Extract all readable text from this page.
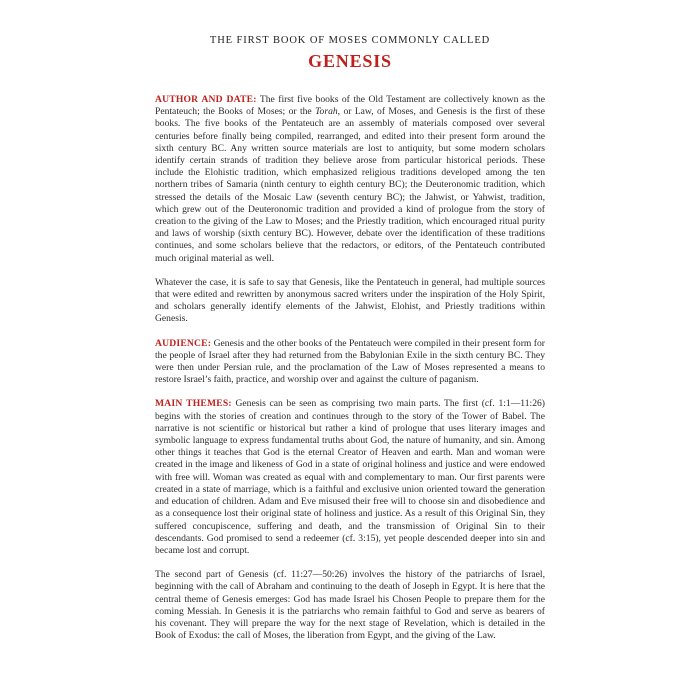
THE FIRST BOOK OF MOSES COMMONLY CALLED

GENESIS

AUTHOR AND DATE: The first five books of the Old Testament are collectively known as the Pentateuch; the Books of Moses; or the Torah, or Law, of Moses, and Genesis is the first of these books. The five books of the Pentateuch are an assembly of materials composed over several centuries before finally being compiled, rearranged, and edited into their present form around the sixth century BC. Any written source materials are lost to antiquity, but some modern scholars identify certain strands of tradition they believe arose from particular historical periods. These include the Elohistic tradition, which emphasized religious traditions developed among the ten northern tribes of Samaria (ninth century to eighth century BC); the Deuteronomic tradition, which stressed the details of the Mosaic Law (seventh century BC); the Jahwist, or Yahwist, tradition, which grew out of the Deuteronomic tradition and provided a kind of prologue from the story of creation to the giving of the Law to Moses; and the Priestly tradition, which encouraged ritual purity and laws of worship (sixth century BC). However, debate over the identification of these traditions continues, and some scholars believe that the redactors, or editors, of the Pentateuch contributed much original material as well.

Whatever the case, it is safe to say that Genesis, like the Pentateuch in general, had multiple sources that were edited and rewritten by anonymous sacred writers under the inspiration of the Holy Spirit, and scholars generally identify elements of the Jahwist, Elohist, and Priestly traditions within Genesis.

AUDIENCE: Genesis and the other books of the Pentateuch were compiled in their present form for the people of Israel after they had returned from the Babylonian Exile in the sixth century BC. They were then under Persian rule, and the proclamation of the Law of Moses represented a means to restore Israel’s faith, practice, and worship over and against the culture of paganism.

MAIN THEMES: Genesis can be seen as comprising two main parts. The first (cf. 1:1—11:26) begins with the stories of creation and continues through to the story of the Tower of Babel. The narrative is not scientific or historical but rather a kind of prologue that uses literary images and symbolic language to express fundamental truths about God, the nature of humanity, and sin. Among other things it teaches that God is the eternal Creator of Heaven and earth. Man and woman were created in the image and likeness of God in a state of original holiness and justice and were endowed with free will. Woman was created as equal with and complementary to man. Our first parents were created in a state of marriage, which is a faithful and exclusive union oriented toward the generation and education of children. Adam and Eve misused their free will to choose sin and disobedience and as a consequence lost their original state of holiness and justice. As a result of this Original Sin, they suffered concupiscence, suffering and death, and the transmission of Original Sin to their descendants. God promised to send a redeemer (cf. 3:15), yet people descended deeper into sin and became lost and corrupt.

The second part of Genesis (cf. 11:27—50:26) involves the history of the patriarchs of Israel, beginning with the call of Abraham and continuing to the death of Joseph in Egypt. It is here that the central theme of Genesis emerges: God has made Israel his Chosen People to prepare them for the coming Messiah. In Genesis it is the patriarchs who remain faithful to God and serve as bearers of his covenant. They will prepare the way for the next stage of Revelation, which is detailed in the Book of Exodus: the call of Moses, the liberation from Egypt, and the giving of the Law.
